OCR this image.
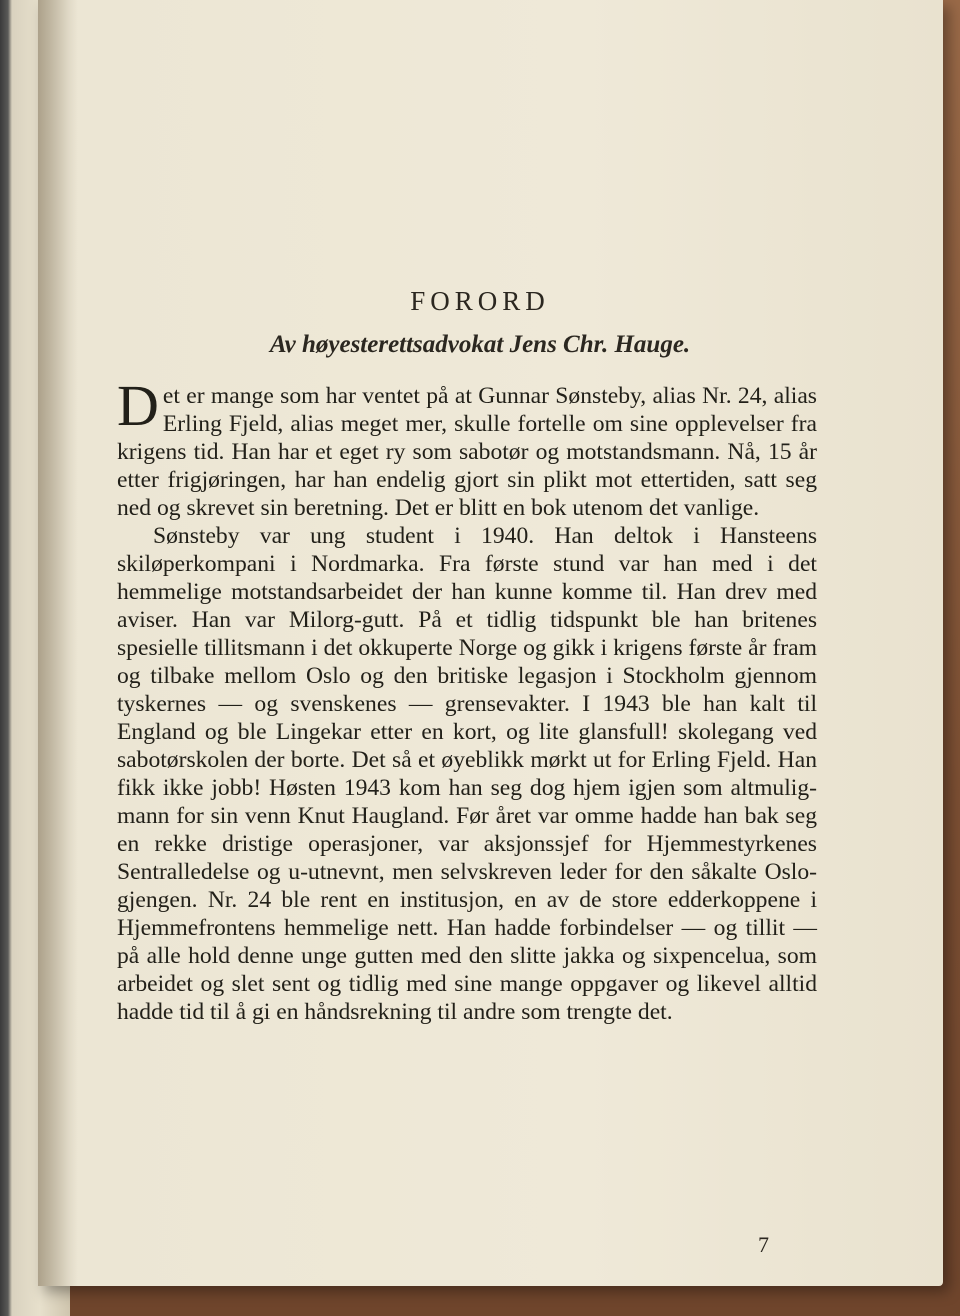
FORORD
Av høyesterettsadvokat Jens Chr. Hauge.

Det er mange som har ventet på at Gunnar Sønsteby, alias Nr. 24, alias Erling Fjeld, alias meget mer, skulle fortelle om sine opplevelser fra krigens tid. Han har et eget ry som sabotør og motstandsmann. Nå, 15 år etter frigjøringen, har han endelig gjort sin plikt mot ettertiden, satt seg ned og skrevet sin beretning. Det er blitt en bok utenom det vanlige.

Sønsteby var ung student i 1940. Han deltok i Hansteens skiløperkompani i Nordmarka. Fra første stund var han med i det hemmelige motstandsarbeidet der han kunne komme til. Han drev med aviser. Han var Milorg-gutt. På et tidlig tidspunkt ble han britenes spesielle tillitsmann i det okkuperte Norge og gikk i krigens første år fram og tilbake mellom Oslo og den britiske legasjon i Stockholm gjennom tyskernes — og svenskenes — grensevakter. I 1943 ble han kalt til England og ble Lingekar etter en kort, og lite glansfull! skolegang ved sabotørskolen der borte. Det så et øyeblikk mørkt ut for Erling Fjeld. Han fikk ikke jobb! Høsten 1943 kom han seg dog hjem igjen som altmulig-mann for sin venn Knut Haugland. Før året var omme hadde han bak seg en rekke dristige operasjoner, var aksjonssjef for Hjemmestyrkenes Sentralledelse og u-utnevnt, men selvskreven leder for den såkalte Oslo-gjengen. Nr. 24 ble rent en institusjon, en av de store edderkoppene i Hjemmefrontens hemmelige nett. Han hadde forbindelser — og tillit — på alle hold denne unge gutten med den slitte jakka og sixpencelua, som arbeidet og slet sent og tidlig med sine mange oppgaver og likevel alltid hadde tid til å gi en håndsrekning til andre som trengte det.

7
